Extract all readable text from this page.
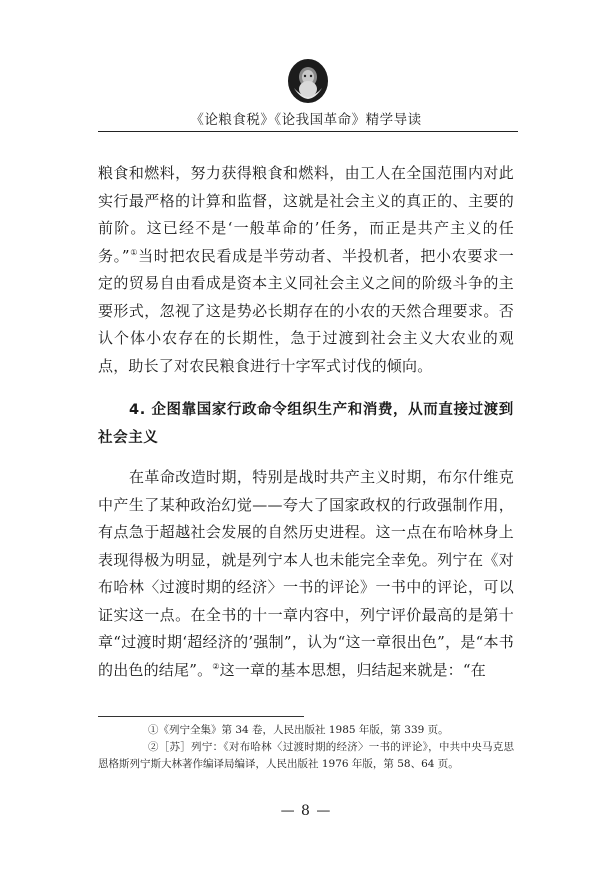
《论粮食税》《论我国革命》精学导读

粮食和燃料，努力获得粮食和燃料，由工人在全国范围内对此实行最严格的计算和监督，这就是社会主义的真正的、主要的前阶。这已经不是‘一般革命的’任务，而正是共产主义的任务。”①当时把农民看成是半劳动者、半投机者，把小农要求一定的贸易自由看成是资本主义同社会主义之间的阶级斗争的主要形式，忽视了这是势必长期存在的小农的天然合理要求。否认个体小农存在的长期性，急于过渡到社会主义大农业的观点，助长了对农民粮食进行十字军式讨伐的倾向。

4. 企图靠国家行政命令组织生产和消费，从而直接过渡到社会主义

在革命改造时期，特别是战时共产主义时期，布尔什维克中产生了某种政治幻觉——夸大了国家政权的行政强制作用，有点急于超越社会发展的自然历史进程。这一点在布哈林身上表现得极为明显，就是列宁本人也未能完全幸免。列宁在《对布哈林〈过渡时期的经济〉一书的评论》一书中的评论，可以证实这一点。在全书的十一章内容中，列宁评价最高的是第十章“过渡时期‘超经济的’强制”，认为“这一章很出色”，是“本书的出色的结尾”。②这一章的基本思想，归结起来就是：“在

①《列宁全集》第 34 卷，人民出版社 1985 年版，第 339 页。

②［苏］列宁：《对布哈林〈过渡时期的经济〉一书的评论》，中共中央马克思恩格斯列宁斯大林著作编译局编译，人民出版社 1976 年版，第 58、64 页。

— 8 —
